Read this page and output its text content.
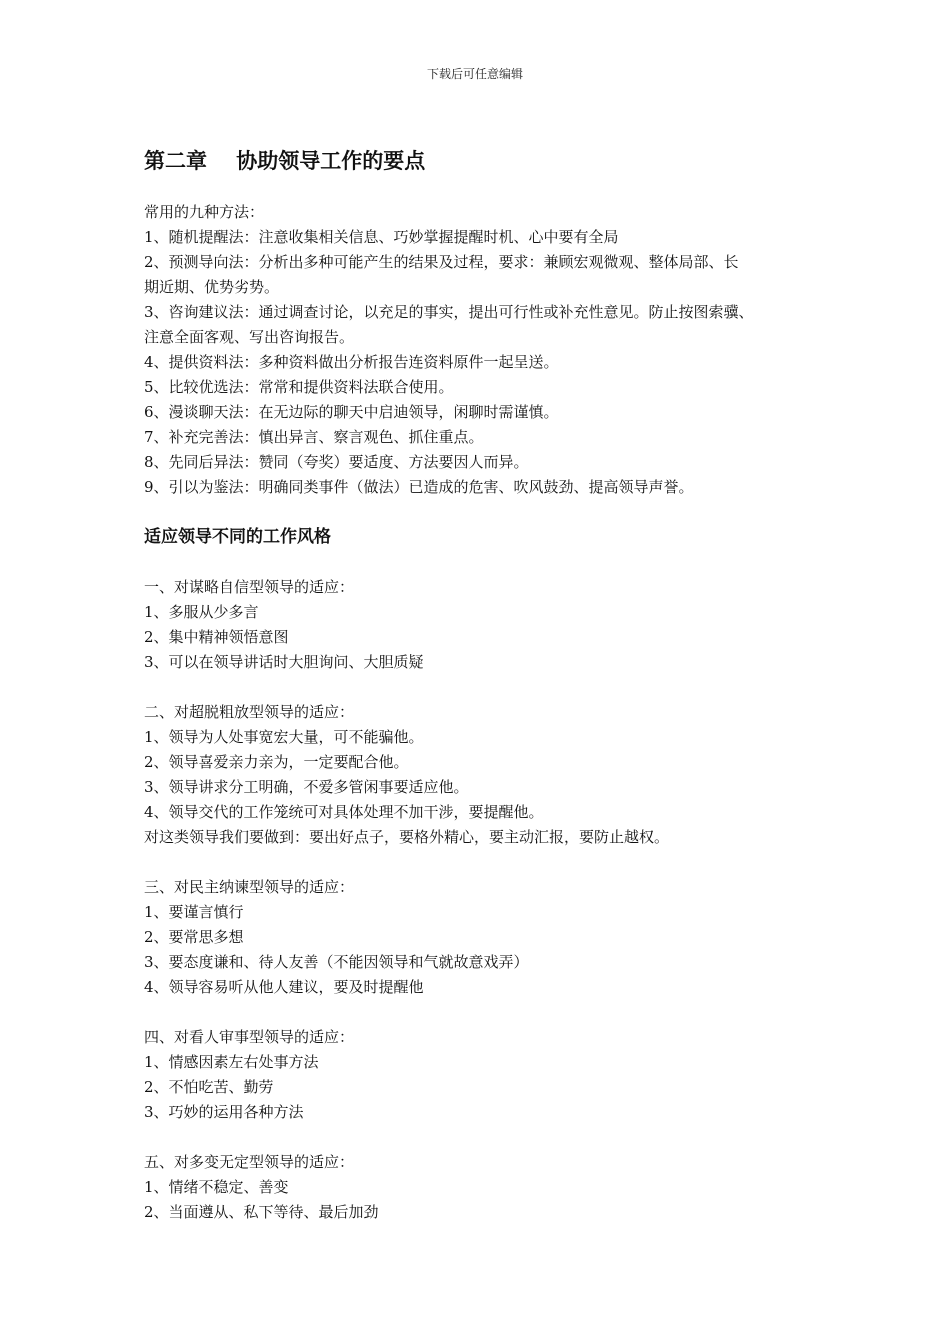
下载后可任意编辑
第二章    协助领导工作的要点

常用的九种方法：

1、随机提醒法：注意收集相关信息、巧妙掌握提醒时机、心中要有全局

2、预测导向法：分析出多种可能产生的结果及过程，要求：兼顾宏观微观、整体局部、长

期近期、优势劣势。

3、咨询建议法：通过调查讨论，以充足的事实，提出可行性或补充性意见。防止按图索骥、

注意全面客观、写出咨询报告。

4、提供资料法：多种资料做出分析报告连资料原件一起呈送。

5、比较优选法：常常和提供资料法联合使用。

6、漫谈聊天法：在无边际的聊天中启迪领导，闲聊时需谨慎。

7、补充完善法：慎出异言、察言观色、抓住重点。

8、先同后异法：赞同（夸奖）要适度、方法要因人而异。

9、引以为鉴法：明确同类事件（做法）已造成的危害、吹风鼓劲、提高领导声誉。

适应领导不同的工作风格

一、对谋略自信型领导的适应：

1、多服从少多言

2、集中精神领悟意图

3、可以在领导讲话时大胆询问、大胆质疑

二、对超脱粗放型领导的适应：

1、领导为人处事宽宏大量，可不能骗他。

2、领导喜爱亲力亲为，一定要配合他。

3、领导讲求分工明确，不爱多管闲事要适应他。

4、领导交代的工作笼统可对具体处理不加干涉，要提醒他。

对这类领导我们要做到：要出好点子，要格外精心，要主动汇报，要防止越权。

三、对民主纳谏型领导的适应：

1、要谨言慎行

2、要常思多想

3、要态度谦和、待人友善（不能因领导和气就故意戏弄）

4、领导容易听从他人建议，要及时提醒他

四、对看人审事型领导的适应：

1、情感因素左右处事方法

2、不怕吃苦、勤劳

3、巧妙的运用各种方法

五、对多变无定型领导的适应：

1、情绪不稳定、善变

2、当面遵从、私下等待、最后加劲
